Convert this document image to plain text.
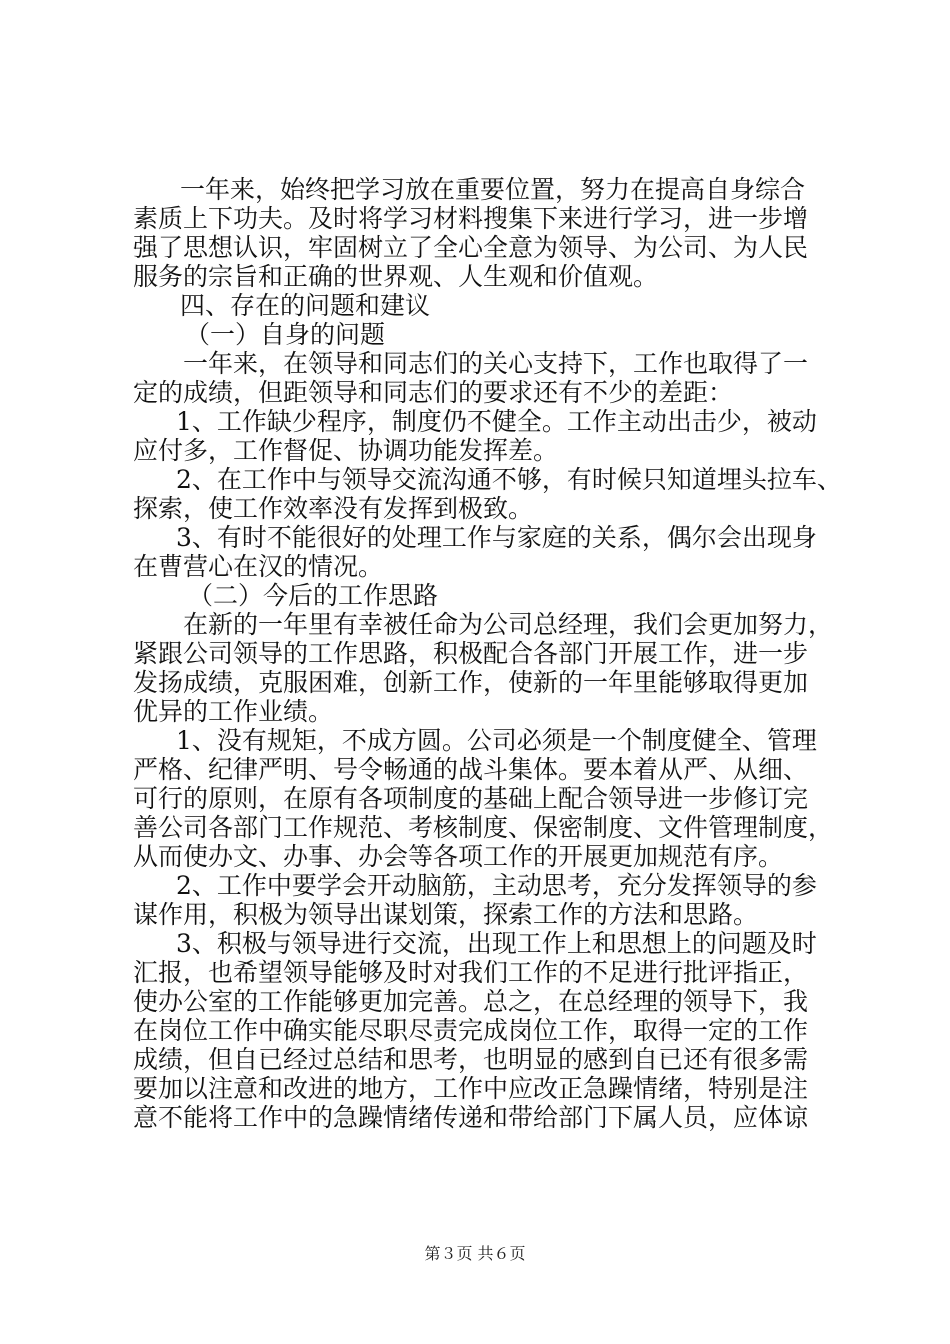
一年来，始终把学习放在重要位置，努力在提高自身综合
素质上下功夫。及时将学习材料搜集下来进行学习，进一步增
强了思想认识，牢固树立了全心全意为领导、为公司、为人民
服务的宗旨和正确的世界观、人生观和价值观。
四、存在的问题和建议
（一）自身的问题
一年来，在领导和同志们的关心支持下，工作也取得了一
定的成绩，但距领导和同志们的要求还有不少的差距：
1、工作缺少程序，制度仍不健全。工作主动出击少，被动
应付多，工作督促、协调功能发挥差。
2、在工作中与领导交流沟通不够，有时候只知道埋头拉车、
探索，使工作效率没有发挥到极致。
3、有时不能很好的处理工作与家庭的关系，偶尔会出现身
在曹营心在汉的情况。
（二）今后的工作思路
在新的一年里有幸被任命为公司总经理，我们会更加努力，
紧跟公司领导的工作思路，积极配合各部门开展工作，进一步
发扬成绩，克服困难，创新工作，使新的一年里能够取得更加
优异的工作业绩。
1、没有规矩，不成方圆。公司必须是一个制度健全、管理
严格、纪律严明、号令畅通的战斗集体。要本着从严、从细、
可行的原则，在原有各项制度的基础上配合领导进一步修订完
善公司各部门工作规范、考核制度、保密制度、文件管理制度，
从而使办文、办事、办会等各项工作的开展更加规范有序。
2、工作中要学会开动脑筋，主动思考，充分发挥领导的参
谋作用，积极为领导出谋划策，探索工作的方法和思路。
3、积极与领导进行交流，出现工作上和思想上的问题及时
汇报，也希望领导能够及时对我们工作的不足进行批评指正，
使办公室的工作能够更加完善。总之，在总经理的领导下，我
在岗位工作中确实能尽职尽责完成岗位工作，取得一定的工作
成绩，但自已经过总结和思考，也明显的感到自已还有很多需
要加以注意和改进的地方，工作中应改正急躁情绪，特别是注
意不能将工作中的急躁情绪传递和带给部门下属人员，应体谅
第３页 共６页
